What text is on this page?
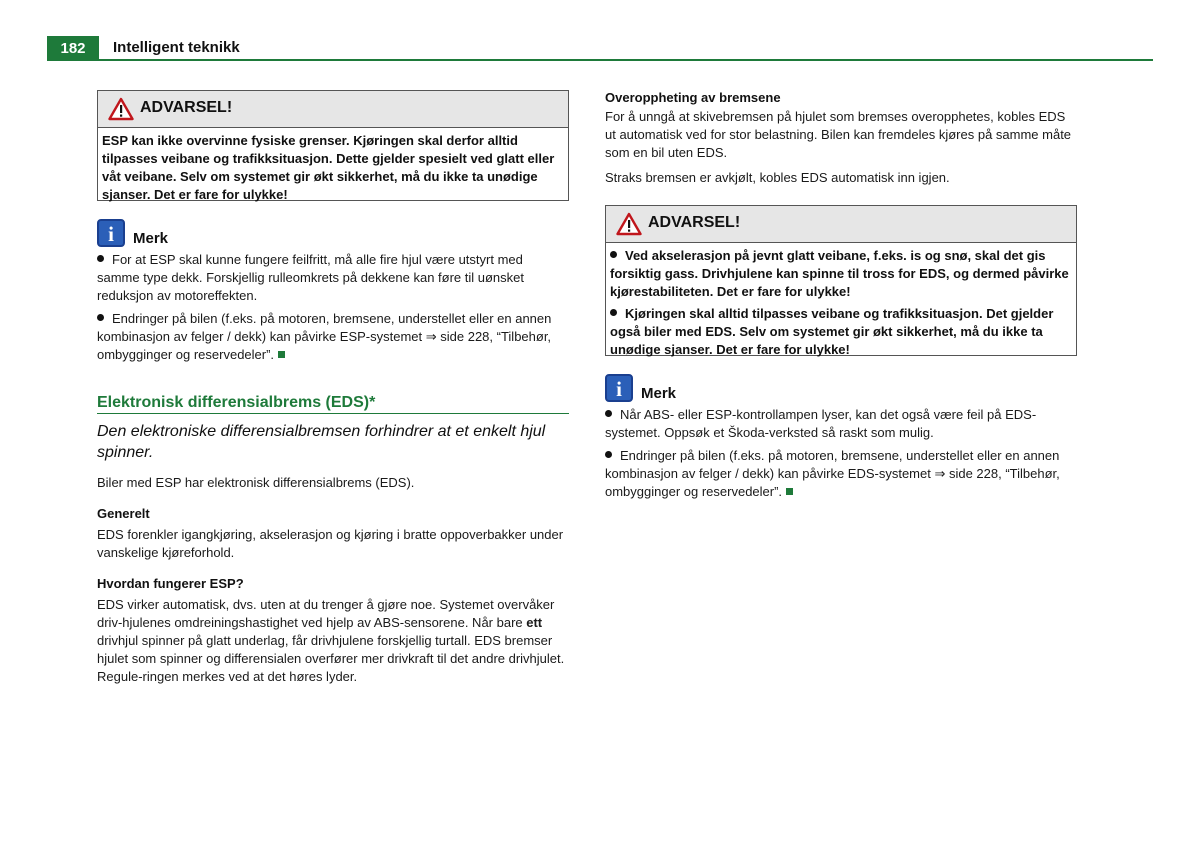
182	Intelligent teknikk
ADVARSEL!
ESP kan ikke overvinne fysiske grenser. Kjøringen skal derfor alltid tilpasses veibane og trafikksituasjon. Dette gjelder spesielt ved glatt eller våt veibane. Selv om systemet gir økt sikkerhet, må du ikke ta unødige sjanser. Det er fare for ulykke!
i	Merk
For at ESP skal kunne fungere feilfritt, må alle fire hjul være utstyrt med samme type dekk. Forskjellig rulleomkrets på dekkene kan føre til uønsket reduksjon av motoreffekten.
Endringer på bilen (f.eks. på motoren, bremsene, understellet eller en annen kombinasjon av felger / dekk) kan påvirke ESP-systemet ⇒ side 228, “Tilbehør, ombygginger og reservedeler”.
Elektronisk differensialbrems (EDS)*
Den elektroniske differensialbremsen forhindrer at et enkelt hjul spinner.
Biler med ESP har elektronisk differensialbrems (EDS).
Generelt
EDS forenkler igangkjøring, akselerasjon og kjøring i bratte oppoverbakker under vanskelige kjøreforhold.
Hvordan fungerer ESP?
EDS virker automatisk, dvs. uten at du trenger å gjøre noe. Systemet overvåker driv-hjulenes omdreiningshastighet ved hjelp av ABS-sensorene. Når bare ett drivhjul spinner på glatt underlag, får drivhjulene forskjellig turtall. EDS bremser hjulet som spinner og differensialen overfører mer drivkraft til det andre drivhjulet. Regule-ringen merkes ved at det høres lyder.
Overoppheting av bremsene
For å unngå at skivebremsen på hjulet som bremses overopphetes, kobles EDS ut automatisk ved for stor belastning. Bilen kan fremdeles kjøres på samme måte som en bil uten EDS.
Straks bremsen er avkjølt, kobles EDS automatisk inn igjen.
ADVARSEL!
Ved akselerasjon på jevnt glatt veibane, f.eks. is og snø, skal det gis forsiktig gass. Drivhjulene kan spinne til tross for EDS, og dermed påvirke kjørestabiliteten. Det er fare for ulykke!
Kjøringen skal alltid tilpasses veibane og trafikksituasjon. Det gjelder også biler med EDS. Selv om systemet gir økt sikkerhet, må du ikke ta unødige sjanser. Det er fare for ulykke!
i	Merk
Når ABS- eller ESP-kontrollampen lyser, kan det også være feil på EDS-systemet. Oppsøk et Škoda-verksted så raskt som mulig.
Endringer på bilen (f.eks. på motoren, bremsene, understellet eller en annen kombinasjon av felger / dekk) kan påvirke EDS-systemet ⇒ side 228, “Tilbehør, ombygginger og reservedeler”.
